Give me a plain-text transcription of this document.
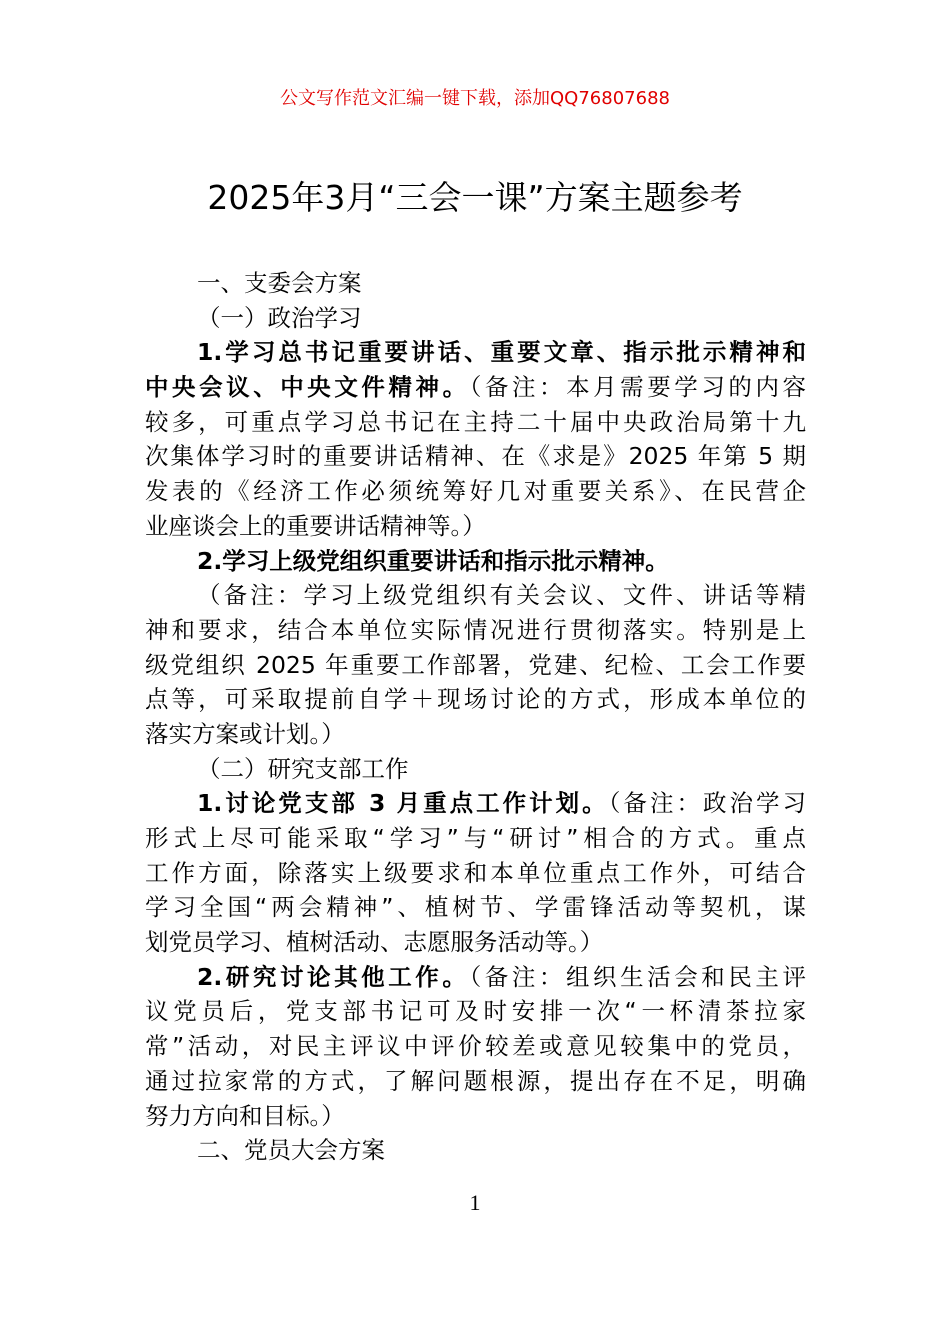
公文写作范文汇编一键下载，添加QQ76807688
2025年3月“三会一课”方案主题参考
一、支委会方案
（一）政治学习
1.学习总书记重要讲话、重要文章、指示批示精神和
中央会议、中央文件精神。（备注：本月需要学习的内容
较多，可重点学习总书记在主持二十届中央政治局第十九
次集体学习时的重要讲话精神、在《求是》2025 年第 5 期
发表的《经济工作必须统筹好几对重要关系》、在民营企
业座谈会上的重要讲话精神等。）
2.学习上级党组织重要讲话和指示批示精神。
（备注：学习上级党组织有关会议、文件、讲话等精
神和要求，结合本单位实际情况进行贯彻落实。特别是上
级党组织 2025 年重要工作部署，党建、纪检、工会工作要
点等，可采取提前自学＋现场讨论的方式，形成本单位的
落实方案或计划。）
（二）研究支部工作
1.讨论党支部 3 月重点工作计划。（备注：政治学习
形式上尽可能采取“学习”与“研讨”相合的方式。重点
工作方面，除落实上级要求和本单位重点工作外，可结合
学习全国“两会精神”、植树节、学雷锋活动等契机，谋
划党员学习、植树活动、志愿服务活动等。）
2.研究讨论其他工作。（备注：组织生活会和民主评
议党员后，党支部书记可及时安排一次“一杯清茶拉家
常”活动，对民主评议中评价较差或意见较集中的党员，
通过拉家常的方式，了解问题根源，提出存在不足，明确
努力方向和目标。）
二、党员大会方案
1
